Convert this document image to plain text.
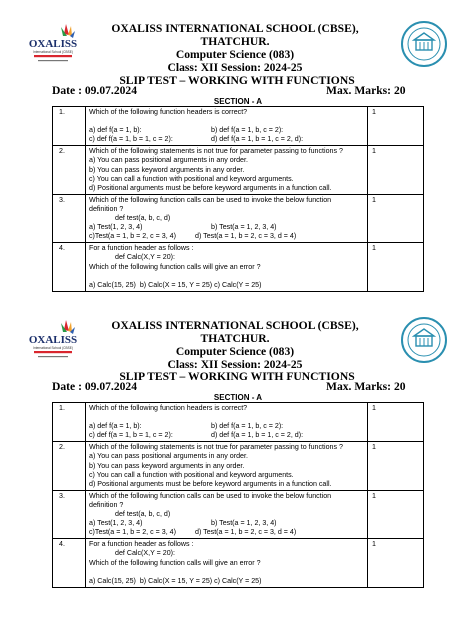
OXALISS
International School (CBSE)
OXALISS INTERNATIONAL SCHOOL (CBSE),
THATCHUR.
Computer Science (083)
Class: XII Session: 2024-25
SLIP TEST – WORKING WITH FUNCTIONS
Date : 09.07.2024	Max. Marks: 20
SECTION - A
1.	Which of the following function headers is correct?
a) def f(a = 1, b): b) def f(a = 1, b, c = 2):
c) def f(a = 1, b = 1, c = 2): d) def f(a = 1, b = 1, c = 2, d):	1
2.	Which of the following statements is not true for parameter passing to functions ?
a) You can pass positional arguments in any order.
b) You can pass keyword arguments in any order.
c) You can call a function with positional and keyword arguments.
d) Positional arguments must be before keyword arguments in a function call.	1
3.	Which of the following function calls can be used to invoke the below function
definition ?
def test(a, b, c, d)
a) Test(1, 2, 3, 4) b) Test(a = 1, 2, 3, 4)
c)Test(a = 1, b = 2, c = 3, 4) d) Test(a = 1, b = 2, c = 3, d = 4)	1
4.	For a function header as follows :
def Calc(X,Y = 20):
Which of the following function calls will give an error ?
a) Calc(15, 25)  b) Calc(X = 15, Y = 25) c) Calc(Y = 25)	1
OXALISS
International School (CBSE)
OXALISS INTERNATIONAL SCHOOL (CBSE),
THATCHUR.
Computer Science (083)
Class: XII Session: 2024-25
SLIP TEST – WORKING WITH FUNCTIONS
Date : 09.07.2024	Max. Marks: 20
SECTION - A
1.	Which of the following function headers is correct?
a) def f(a = 1, b): b) def f(a = 1, b, c = 2):
c) def f(a = 1, b = 1, c = 2): d) def f(a = 1, b = 1, c = 2, d):	1
2.	Which of the following statements is not true for parameter passing to functions ?
a) You can pass positional arguments in any order.
b) You can pass keyword arguments in any order.
c) You can call a function with positional and keyword arguments.
d) Positional arguments must be before keyword arguments in a function call.	1
3.	Which of the following function calls can be used to invoke the below function
definition ?
def test(a, b, c, d)
a) Test(1, 2, 3, 4) b) Test(a = 1, 2, 3, 4)
c)Test(a = 1, b = 2, c = 3, 4) d) Test(a = 1, b = 2, c = 3, d = 4)	1
4.	For a function header as follows :
def Calc(X,Y = 20):
Which of the following function calls will give an error ?
a) Calc(15, 25)  b) Calc(X = 15, Y = 25) c) Calc(Y = 25)	1
